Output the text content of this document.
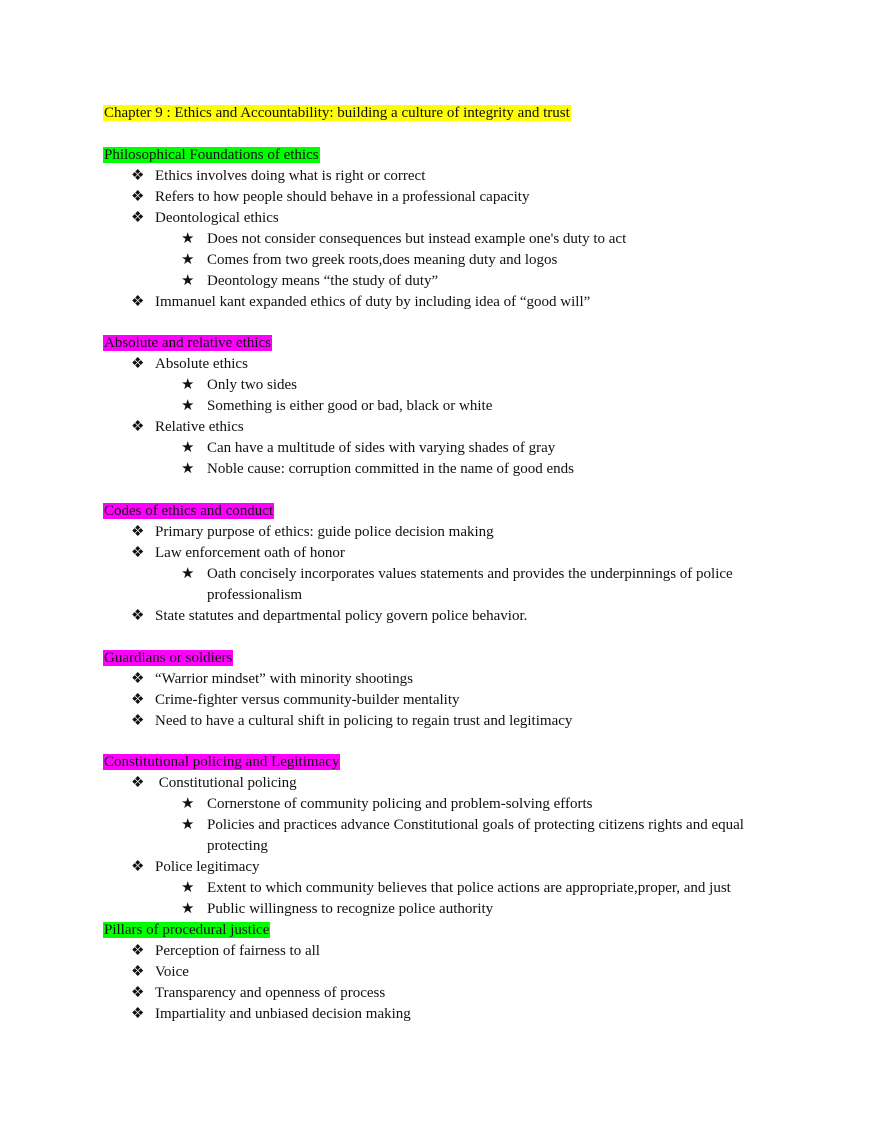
Chapter 9 : Ethics and Accountability: building a culture of integrity and trust
Philosophical Foundations of ethics
❖ Ethics involves doing what is right or correct
❖ Refers to how people should behave in a professional capacity
❖ Deontological ethics
★ Does not consider consequences but instead example one's duty to act
★ Comes from two greek roots,does meaning duty and logos
★ Deontology means “the study of duty”
❖ Immanuel kant expanded ethics of duty by including idea of “good will”
Absolute and relative ethics
❖ Absolute ethics
★ Only two sides
★ Something is either good or bad, black or white
❖ Relative ethics
★ Can have a multitude of sides with varying shades of gray
★ Noble cause: corruption committed in the name of good ends
Codes of ethics and conduct
❖ Primary purpose of ethics: guide police decision making
❖ Law enforcement oath of honor
★ Oath concisely incorporates values statements and provides the underpinnings of police
professionalism
❖ State statutes and departmental policy govern police behavior.
Guardians or soldiers
❖ “Warrior mindset” with minority shootings
❖ Crime-fighter versus community-builder mentality
❖ Need to have a cultural shift in policing to regain trust and legitimacy
Constitutional policing and Legitimacy
❖ Constitutional policing
★ Cornerstone of community policing and problem-solving efforts
★ Policies and practices advance Constitutional goals of protecting citizens rights and equal
protecting
❖ Police legitimacy
★ Extent to which community believes that police actions are appropriate,proper, and just
★ Public willingness to recognize police authority
Pillars of procedural justice
❖ Perception of fairness to all
❖ Voice
❖ Transparency and openness of process
❖ Impartiality and unbiased decision making
